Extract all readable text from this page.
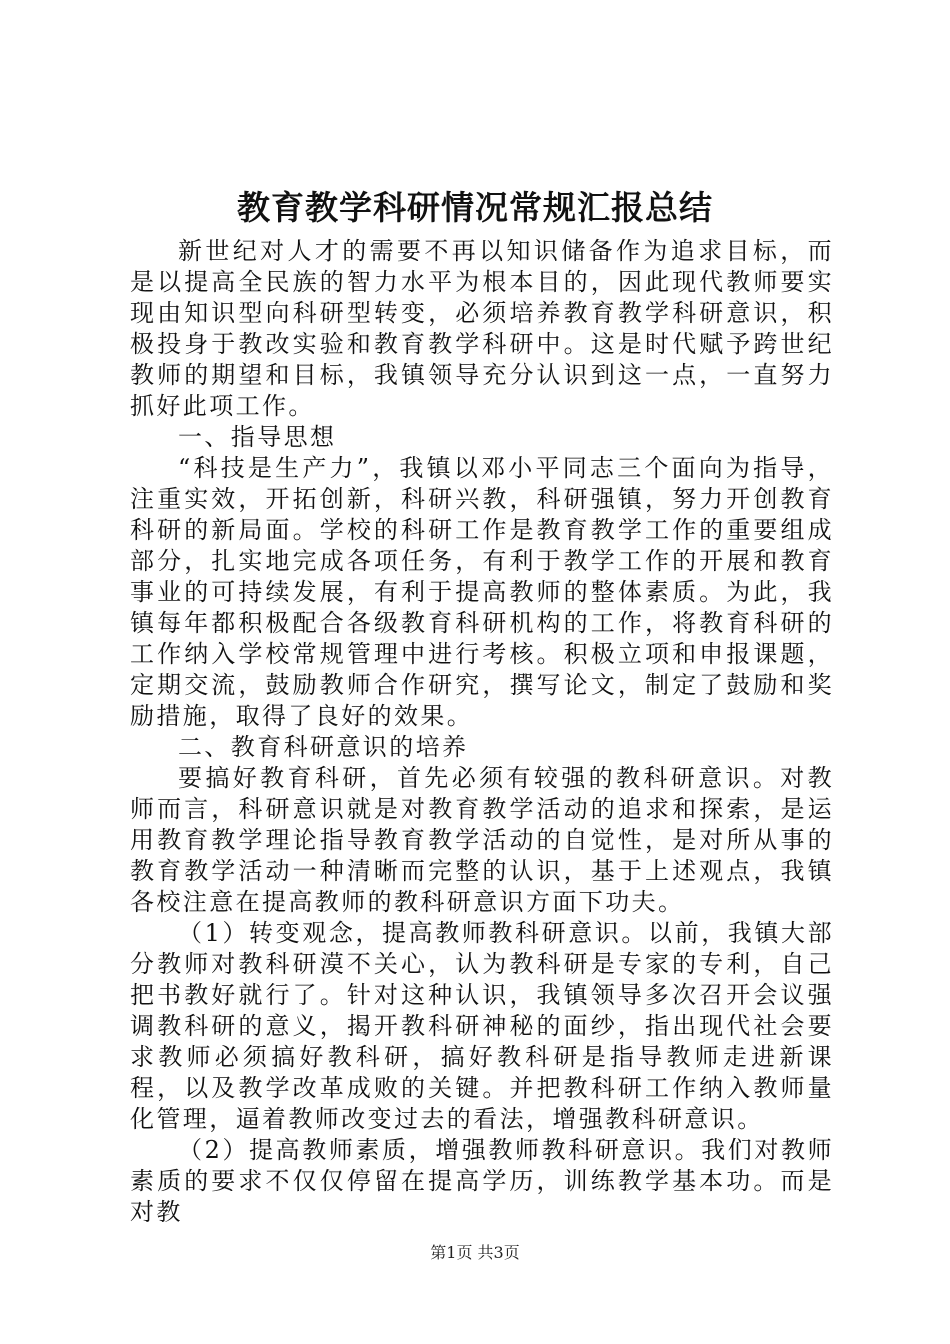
教育教学科研情况常规汇报总结

新世纪对人才的需要不再以知识储备作为追求目标，而是以提高全民族的智力水平为根本目的，因此现代教师要实现由知识型向科研型转变，必须培养教育教学科研意识，积极投身于教改实验和教育教学科研中。这是时代赋予跨世纪教师的期望和目标，我镇领导充分认识到这一点，一直努力抓好此项工作。

一、指导思想

“科技是生产力”，我镇以邓小平同志三个面向为指导，注重实效，开拓创新，科研兴教，科研强镇，努力开创教育科研的新局面。学校的科研工作是教育教学工作的重要组成部分，扎实地完成各项任务，有利于教学工作的开展和教育事业的可持续发展，有利于提高教师的整体素质。为此，我镇每年都积极配合各级教育科研机构的工作，将教育科研的工作纳入学校常规管理中进行考核。积极立项和申报课题，定期交流，鼓励教师合作研究，撰写论文，制定了鼓励和奖励措施，取得了良好的效果。

二、教育科研意识的培养

要搞好教育科研，首先必须有较强的教科研意识。对教师而言，科研意识就是对教育教学活动的追求和探索，是运用教育教学理论指导教育教学活动的自觉性，是对所从事的教育教学活动一种清晰而完整的认识，基于上述观点，我镇各校注意在提高教师的教科研意识方面下功夫。

（1）转变观念，提高教师教科研意识。以前，我镇大部分教师对教科研漠不关心，认为教科研是专家的专利，自己把书教好就行了。针对这种认识，我镇领导多次召开会议强调教科研的意义，揭开教科研神秘的面纱，指出现代社会要求教师必须搞好教科研，搞好教科研是指导教师走进新课程，以及教学改革成败的关键。并把教科研工作纳入教师量化管理，逼着教师改变过去的看法，增强教科研意识。

（2）提高教师素质，增强教师教科研意识。我们对教师素质的要求不仅仅停留在提高学历，训练教学基本功。而是对教

第1页 共3页
